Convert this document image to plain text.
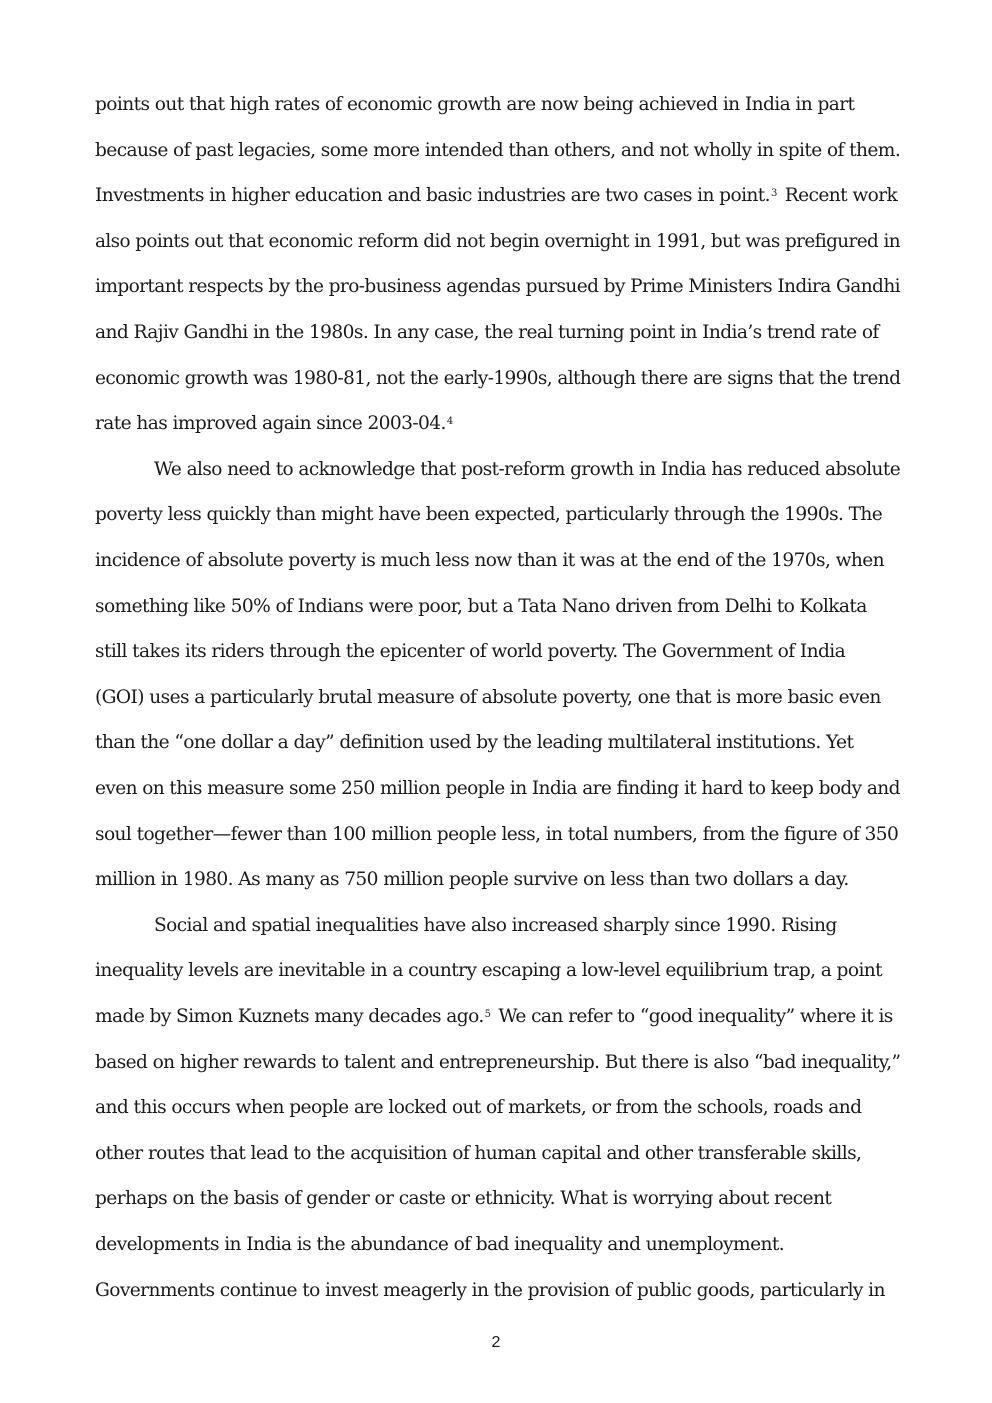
points out that high rates of economic growth are now being achieved in India in part
because of past legacies, some more intended than others, and not wholly in spite of them.
Investments in higher education and basic industries are two cases in point.$^3$ Recent work
also points out that economic reform did not begin overnight in 1991, but was prefigured in
important respects by the pro-business agendas pursued by Prime Ministers Indira Gandhi
and Rajiv Gandhi in the 1980s. In any case, the real turning point in India’s trend rate of
economic growth was 1980-81, not the early-1990s, although there are signs that the trend
rate has improved again since 2003-04.$^4$
We also need to acknowledge that post-reform growth in India has reduced absolute
poverty less quickly than might have been expected, particularly through the 1990s. The
incidence of absolute poverty is much less now than it was at the end of the 1970s, when
something like 50% of Indians were poor, but a Tata Nano driven from Delhi to Kolkata
still takes its riders through the epicenter of world poverty. The Government of India
(GOI) uses a particularly brutal measure of absolute poverty, one that is more basic even
than the “one dollar a day” definition used by the leading multilateral institutions. Yet
even on this measure some 250 million people in India are finding it hard to keep body and
soul together—fewer than 100 million people less, in total numbers, from the figure of 350
million in 1980. As many as 750 million people survive on less than two dollars a day.
Social and spatial inequalities have also increased sharply since 1990. Rising
inequality levels are inevitable in a country escaping a low-level equilibrium trap, a point
made by Simon Kuznets many decades ago.$^5$ We can refer to “good inequality” where it is
based on higher rewards to talent and entrepreneurship. But there is also “bad inequality,”
and this occurs when people are locked out of markets, or from the schools, roads and
other routes that lead to the acquisition of human capital and other transferable skills,
perhaps on the basis of gender or caste or ethnicity. What is worrying about recent
developments in India is the abundance of bad inequality and unemployment.
Governments continue to invest meagerly in the provision of public goods, particularly in
2
